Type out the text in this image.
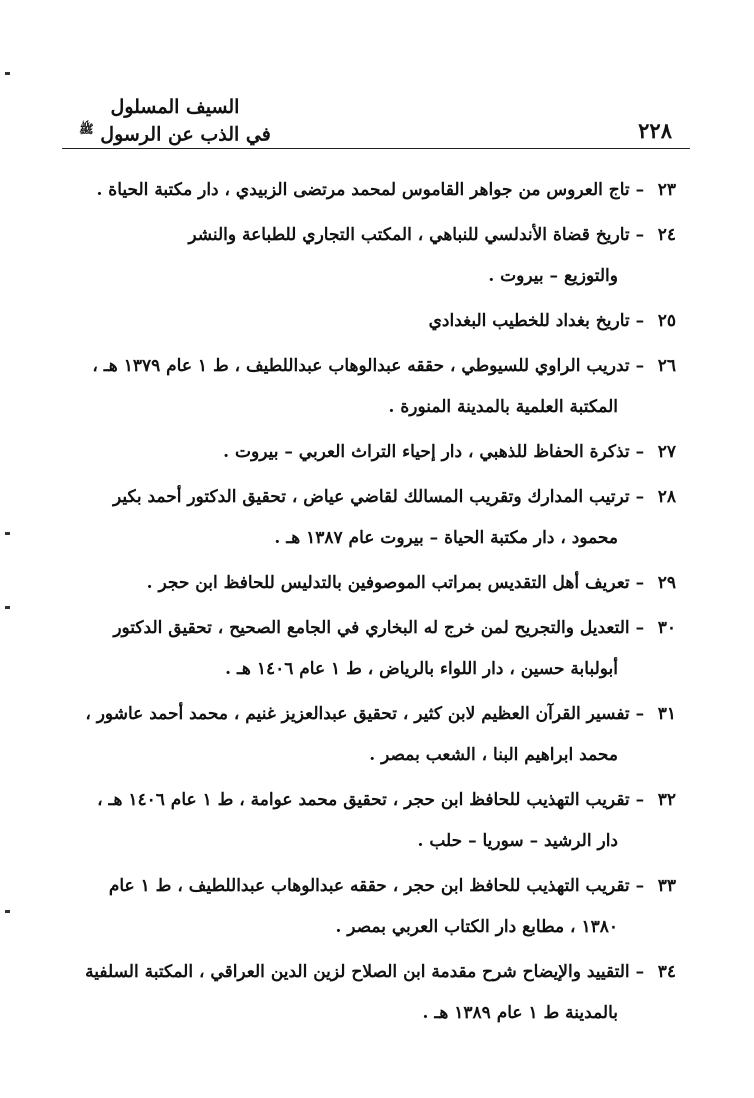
السيف المسلول
في الذب عن الرسول $^ﷺ$	٢٢٨
٢٣ – تاج العروس من جواهر القاموس لمحمد مرتضى الزبيدي ، دار مكتبة الحياة .
٢٤ – تاريخ قضاة الأندلسي للنباهي ، المكتب التجاري للطباعة والنشر
والتوزيع – بيروت .
٢٥ – تاريخ بغداد للخطيب البغدادي
٢٦ – تدريب الراوي للسيوطي ، حققه عبدالوهاب عبداللطيف ، ط ١ عام ١٣٧٩ هـ ،
المكتبة العلمية بالمدينة المنورة .
٢٧ – تذكرة الحفاظ للذهبي ، دار إحياء التراث العربي – بيروت .
٢٨ – ترتيب المدارك وتقريب المسالك لقاضي عياض ، تحقيق الدكتور أحمد بكير
محمود ، دار مكتبة الحياة – بيروت عام ١٣٨٧ هـ .
٢٩ – تعريف أهل التقديس بمراتب الموصوفين بالتدليس للحافظ ابن حجر .
٣٠ – التعديل والتجريح لمن خرج له البخاري في الجامع الصحيح ، تحقيق الدكتور
أبولبابة حسين ، دار اللواء بالرياض ، ط ١ عام ١٤٠٦ هـ .
٣١ – تفسير القرآن العظيم لابن كثير ، تحقيق عبدالعزيز غنيم ، محمد أحمد عاشور ،
محمد ابراهيم البنا ، الشعب بمصر .
٣٢ – تقريب التهذيب للحافظ ابن حجر ، تحقيق محمد عوامة ، ط ١ عام ١٤٠٦ هـ ،
دار الرشيد – سوريا – حلب .
٣٣ – تقريب التهذيب للحافظ ابن حجر ، حققه عبدالوهاب عبداللطيف ، ط ١ عام
١٣٨٠ ، مطابع دار الكتاب العربي بمصر .
٣٤ – التقييد والإيضاح شرح مقدمة ابن الصلاح لزين الدين العراقي ، المكتبة السلفية
بالمدينة ط ١ عام ١٣٨٩ هـ .
